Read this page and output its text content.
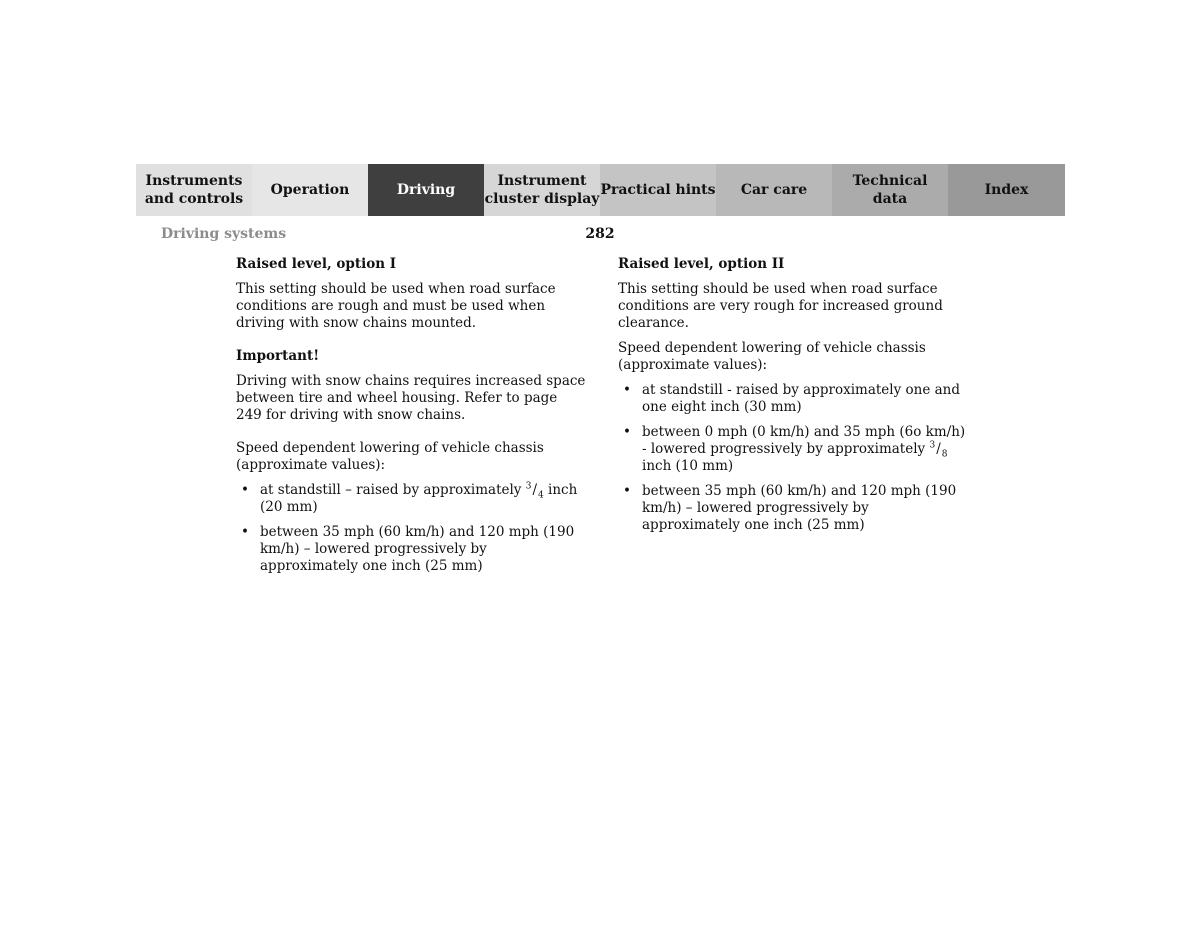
Instruments
and controls
Operation	Driving
Instrument
cluster display
Practical hints Car care
Technical
data
Index
Driving systems	282

Raised level, option I

This setting should be used when road surface conditions are rough and must be used when driving with snow chains mounted.

Important!

Driving with snow chains requires increased space between tire and wheel housing. Refer to page 249 for driving with snow chains.

Speed dependent lowering of vehicle chassis (approximate values):

• at standstill – raised by approximately $^3/_4$ inch (20 mm)
• between 35 mph (60 km/h) and 120 mph (190 km/h) – lowered progressively by approximately one inch (25 mm)

Raised level, option II

This setting should be used when road surface conditions are very rough for increased ground clearance.

Speed dependent lowering of vehicle chassis (approximate values):

• at standstill - raised by approximately one and one eight inch (30 mm)
• between 0 mph (0 km/h) and 35 mph (6o km/h) - lowered progressively by approximately $^3/_8$ inch (10 mm)
• between 35 mph (60 km/h) and 120 mph (190 km/h) – lowered progressively by approximately one inch (25 mm)
